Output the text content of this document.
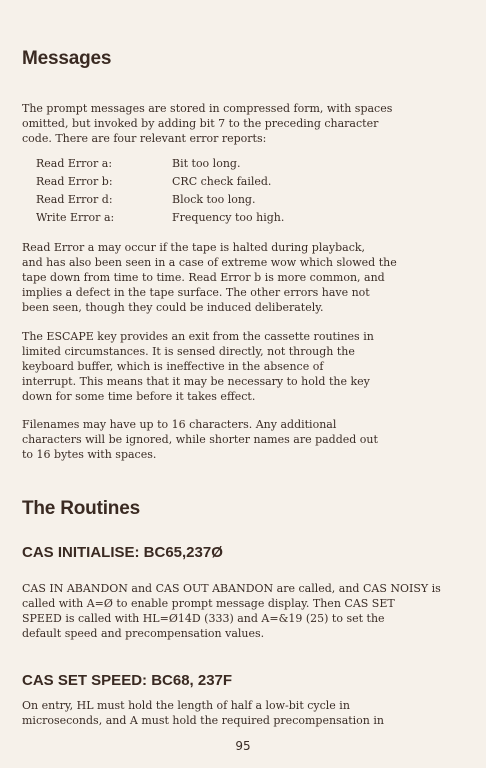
Messages

The prompt messages are stored in compressed form, with spaces
omitted, but invoked by adding bit 7 to the preceding character
code. There are four relevant error reports:

Read Error a:	Bit too long.
Read Error b:	CRC check failed.
Read Error d:	Block too long.
Write Error a:	Frequency too high.

Read Error a may occur if the tape is halted during playback,
and has also been seen in a case of extreme wow which slowed the
tape down from time to time. Read Error b is more common, and
implies a defect in the tape surface. The other errors have not
been seen, though they could be induced deliberately.

The ESCAPE key provides an exit from the cassette routines in
limited circumstances. It is sensed directly, not through the
keyboard buffer, which is ineffective in the absence of
interrupt. This means that it may be necessary to hold the key
down for some time before it takes effect.

Filenames may have up to 16 characters. Any additional
characters will be ignored, while shorter names are padded out
to 16 bytes with spaces.

The Routines
CAS INITIALISE: BC65,237Ø

CAS IN ABANDON and CAS OUT ABANDON are called, and CAS NOISY is
called with A=Ø to enable prompt message display. Then CAS SET
SPEED is called with HL=Ø14D (333) and A=&19 (25) to set the
default speed and precompensation values.

CAS SET SPEED: BC68, 237F

On entry, HL must hold the length of half a low-bit cycle in
microseconds, and A must hold the required precompensation in

95
